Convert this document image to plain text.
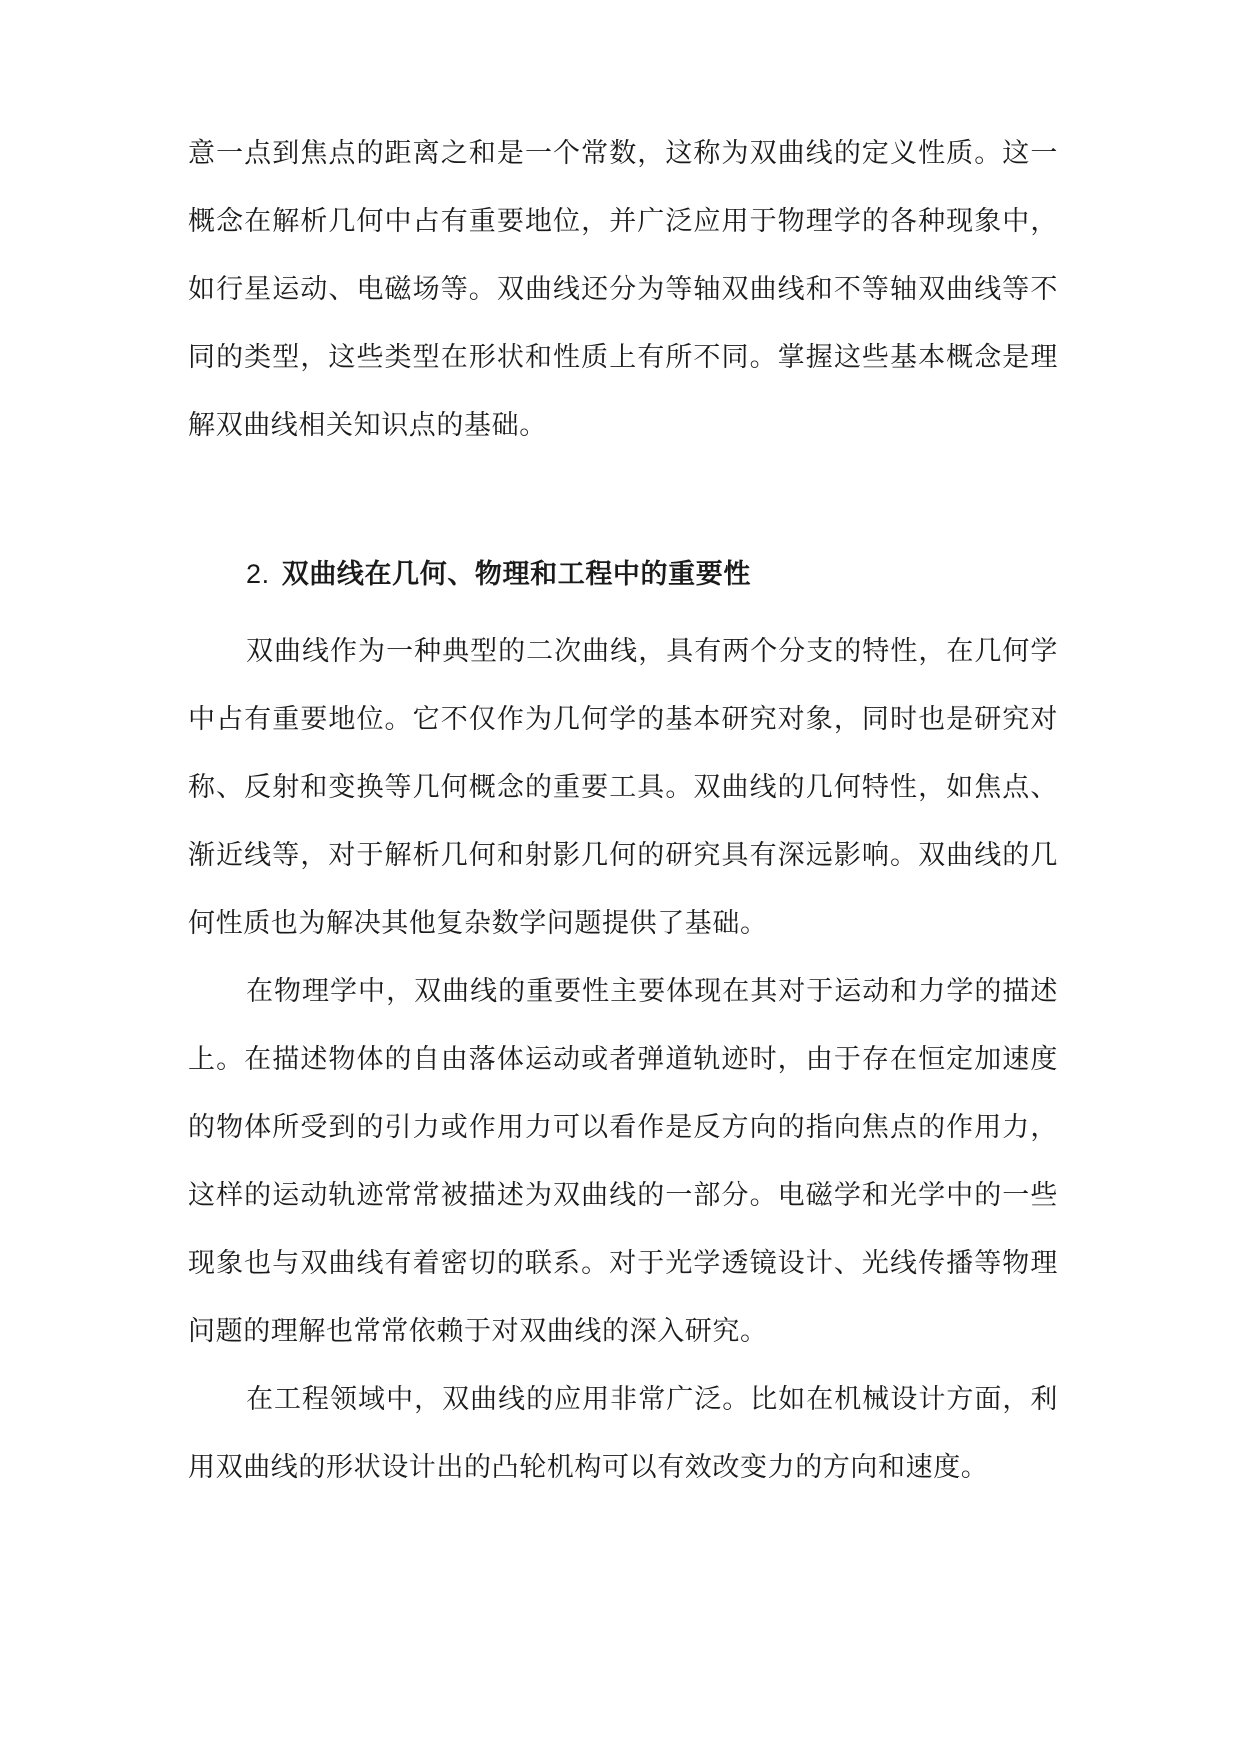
意一点到焦点的距离之和是一个常数，这称为双曲线的定义性质。这一概念在解析几何中占有重要地位，并广泛应用于物理学的各种现象中，如行星运动、电磁场等。双曲线还分为等轴双曲线和不等轴双曲线等不同的类型，这些类型在形状和性质上有所不同。掌握这些基本概念是理解双曲线相关知识点的基础。

2. 双曲线在几何、物理和工程中的重要性

双曲线作为一种典型的二次曲线，具有两个分支的特性，在几何学中占有重要地位。它不仅作为几何学的基本研究对象，同时也是研究对称、反射和变换等几何概念的重要工具。双曲线的几何特性，如焦点、渐近线等，对于解析几何和射影几何的研究具有深远影响。双曲线的几何性质也为解决其他复杂数学问题提供了基础。

在物理学中，双曲线的重要性主要体现在其对于运动和力学的描述上。在描述物体的自由落体运动或者弹道轨迹时，由于存在恒定加速度的物体所受到的引力或作用力可以看作是反方向的指向焦点的作用力，这样的运动轨迹常常被描述为双曲线的一部分。电磁学和光学中的一些现象也与双曲线有着密切的联系。对于光学透镜设计、光线传播等物理问题的理解也常常依赖于对双曲线的深入研究。

在工程领域中，双曲线的应用非常广泛。比如在机械设计方面，利用双曲线的形状设计出的凸轮机构可以有效改变力的方向和速度。
